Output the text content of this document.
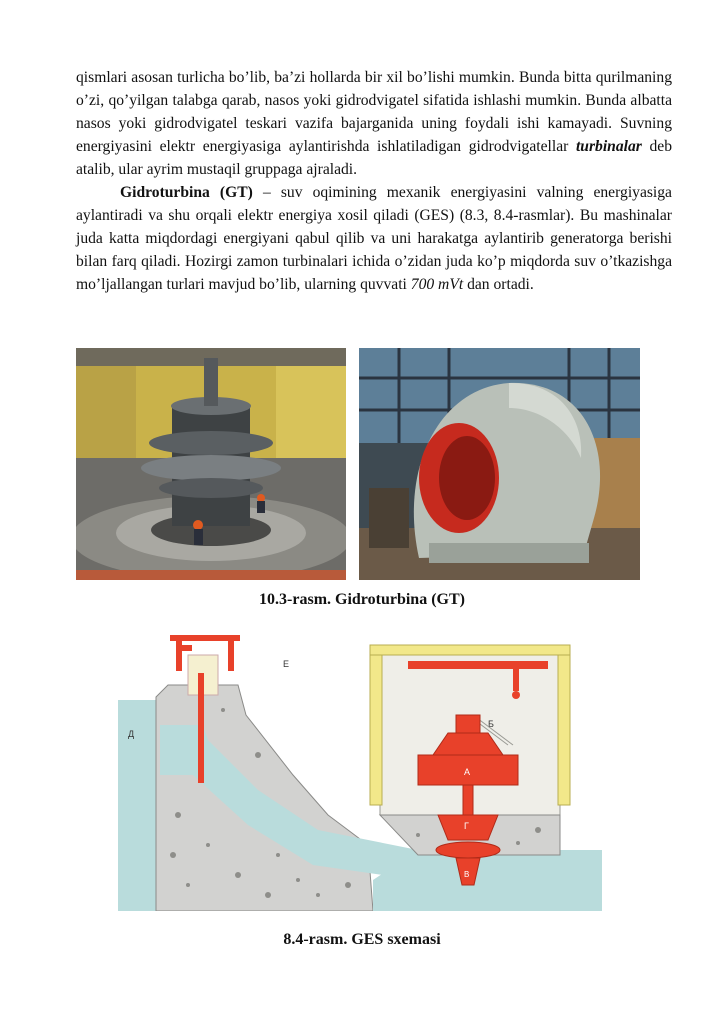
qismlari asosan turlicha bo’lib, ba’zi hollarda bir xil bo’lishi mumkin. Bunda bitta qurilmaning o’zi, qo’yilgan talabga qarab, nasos yoki gidrodvigatel sifatida ishlashi mumkin. Bunda albatta nasos yoki gidrodvigatel teskari vazifa bajarganida uning foydali ishi kamayadi. Suvning energiyasini elektr energiyasiga aylantirishda ishlatiladigan gidrodvigatellar turbinalar deb atalib, ular ayrim mustaqil gruppaga ajraladi.

Gidroturbina (GT) – suv oqimining mexanik energiyasini valning energiyasiga aylantiradi va shu orqali elektr energiya xosil qiladi (GES) (8.3, 8.4-rasmlar). Bu mashinalar juda katta miqdordagi energiyani qabul qilib va uni harakatga aylantirib generatorga berishi bilan farq qiladi. Hozirgi zamon turbinalari ichida o’zidan juda ko’p miqdorda suv o’tkazishga mo’ljallangan turlari mavjud bo’lib, ularning quvvati 700 mVt dan ortadi.

10.3-rasm. Gidroturbina (GT)
Е
Д
Б
А
Г
В
8.4-rasm. GES sxemasi
